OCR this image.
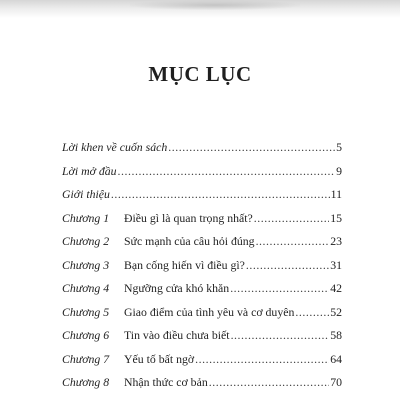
MỤC LỤC
Lời khen về cuốn sách . . .	5
Lời mở đầu . . .	9
Giới thiệu . . .	11
Chương 1	Điều gì là quan trọng nhất? . . .	15
Chương 2	Sức mạnh của câu hỏi đúng . . .	23
Chương 3	Bạn cống hiến vì điều gì? . . .	31
Chương 4	Ngưỡng cửa khó khăn . . .	42
Chương 5	Giao điểm của tình yêu và cơ duyên . . .	52
Chương 6	Tin vào điều chưa biết . . .	58
Chương 7	Yếu tố bất ngờ . . .	64
Chương 8	Nhận thức cơ bản . . .	70
